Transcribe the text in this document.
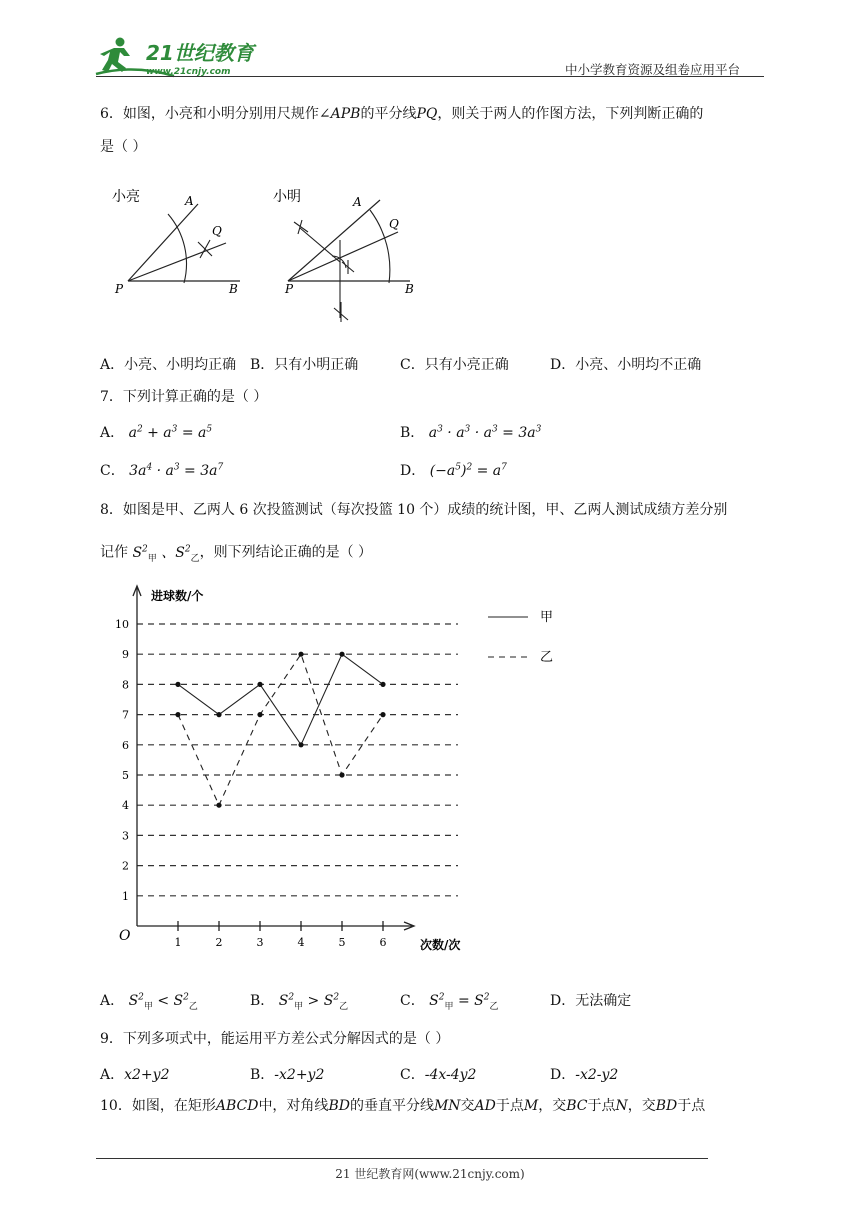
21世纪教育
www.21cnjy.com	中小学教育资源及组卷应用平台
6．如图，小亮和小明分别用尺规作∠APB的平分线PQ，则关于两人的作图方法，下列判断正确的
是（ ）
小亮	A
Q
P	B
小明	A
Q
P	B
A．小亮、小明均正确 B．只有小明正确	C．只有小亮正确	D．小亮、小明均不正确
7．下列计算正确的是（ ）
A． $a^2 + a^3 = a^5$	B． $a^3 \cdot a^3 \cdot a^3 = 3a^3$
C． $3a^4 \cdot a^3 = 3a^7$	D． $(-a^5)^2 = a^7$
8．如图是甲、乙两人 6 次投篮测试（每次投篮 10 个）成绩的统计图，甲、乙两人测试成绩方差分别
记作 $S^2_甲$ 、$S^2_乙$，则下列结论正确的是（ ）
1
2
3
4
5
6
7
8
9
10
1	2	3	4	5	6
O
进球数/个
次数/次
甲
乙
A． $S^2_甲 < S^2_乙$	B． $S^2_甲 > S^2_乙$	C． $S^2_甲 = S^2_乙$	D．无法确定
9．下列多项式中，能运用平方差公式分解因式的是（ ）
A．x2+y2	B．-x2+y2	C．-4x-4y2	D．-x2-y2
10．如图，在矩形ABCD中，对角线BD的垂直平分线MN交AD于点M，交BC于点N，交BD于点
21 世纪教育网(www.21cnjy.com)
